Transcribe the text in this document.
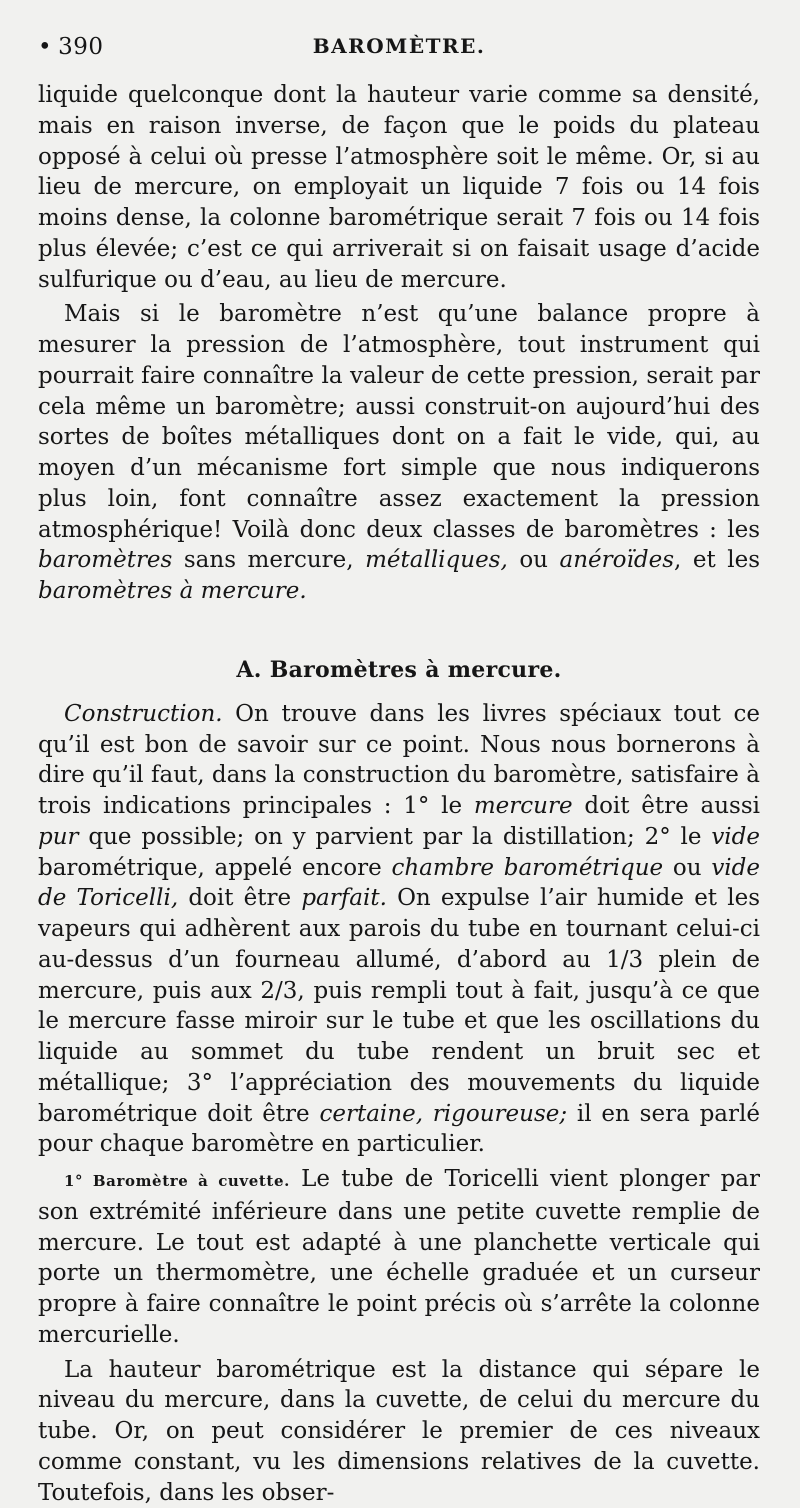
• 390	BAROMÈTRE.

liquide quelconque dont la hauteur varie comme sa densité, mais en raison inverse, de façon que le poids du plateau opposé à celui où presse l’atmosphère soit le même. Or, si au lieu de mercure, on employait un liquide 7 fois ou 14 fois moins dense, la colonne barométrique serait 7 fois ou 14 fois plus élevée; c’est ce qui arriverait si on faisait usage d’acide sulfurique ou d’eau, au lieu de mercure.

Mais si le baromètre n’est qu’une balance propre à mesurer la pression de l’atmosphère, tout instrument qui pourrait faire connaître la valeur de cette pression, serait par cela même un baromètre; aussi construit-on aujourd’hui des sortes de boîtes métalliques dont on a fait le vide, qui, au moyen d’un mécanisme fort simple que nous indiquerons plus loin, font connaître assez exactement la pression atmosphérique! Voilà donc deux classes de baromètres : les baromètres sans mercure, métalliques, ou anéroïdes, et les baromètres à mercure.

A. Baromètres à mercure.

Construction. On trouve dans les livres spéciaux tout ce qu’il est bon de savoir sur ce point. Nous nous bornerons à dire qu’il faut, dans la construction du baromètre, satisfaire à trois indications principales : 1° le mercure doit être aussi pur que possible; on y parvient par la distillation; 2° le vide barométrique, appelé encore chambre barométrique ou vide de Toricelli, doit être parfait. On expulse l’air humide et les vapeurs qui adhèrent aux parois du tube en tournant celui-ci au-dessus d’un fourneau allumé, d’abord au 1/3 plein de mercure, puis aux 2/3, puis rempli tout à fait, jusqu’à ce que le mercure fasse miroir sur le tube et que les oscillations du liquide au sommet du tube rendent un bruit sec et métallique; 3° l’appréciation des mouvements du liquide barométrique doit être certaine, rigoureuse; il en sera parlé pour chaque baromètre en particulier.

1° Baromètre à cuvette. Le tube de Toricelli vient plonger par son extrémité inférieure dans une petite cuvette remplie de mercure. Le tout est adapté à une planchette verticale qui porte un thermomètre, une échelle graduée et un curseur propre à faire connaître le point précis où s’arrête la colonne mercurielle.

La hauteur barométrique est la distance qui sépare le niveau du mercure, dans la cuvette, de celui du mercure du tube. Or, on peut considérer le premier de ces niveaux comme constant, vu les dimensions relatives de la cuvette. Toutefois, dans les obser-
